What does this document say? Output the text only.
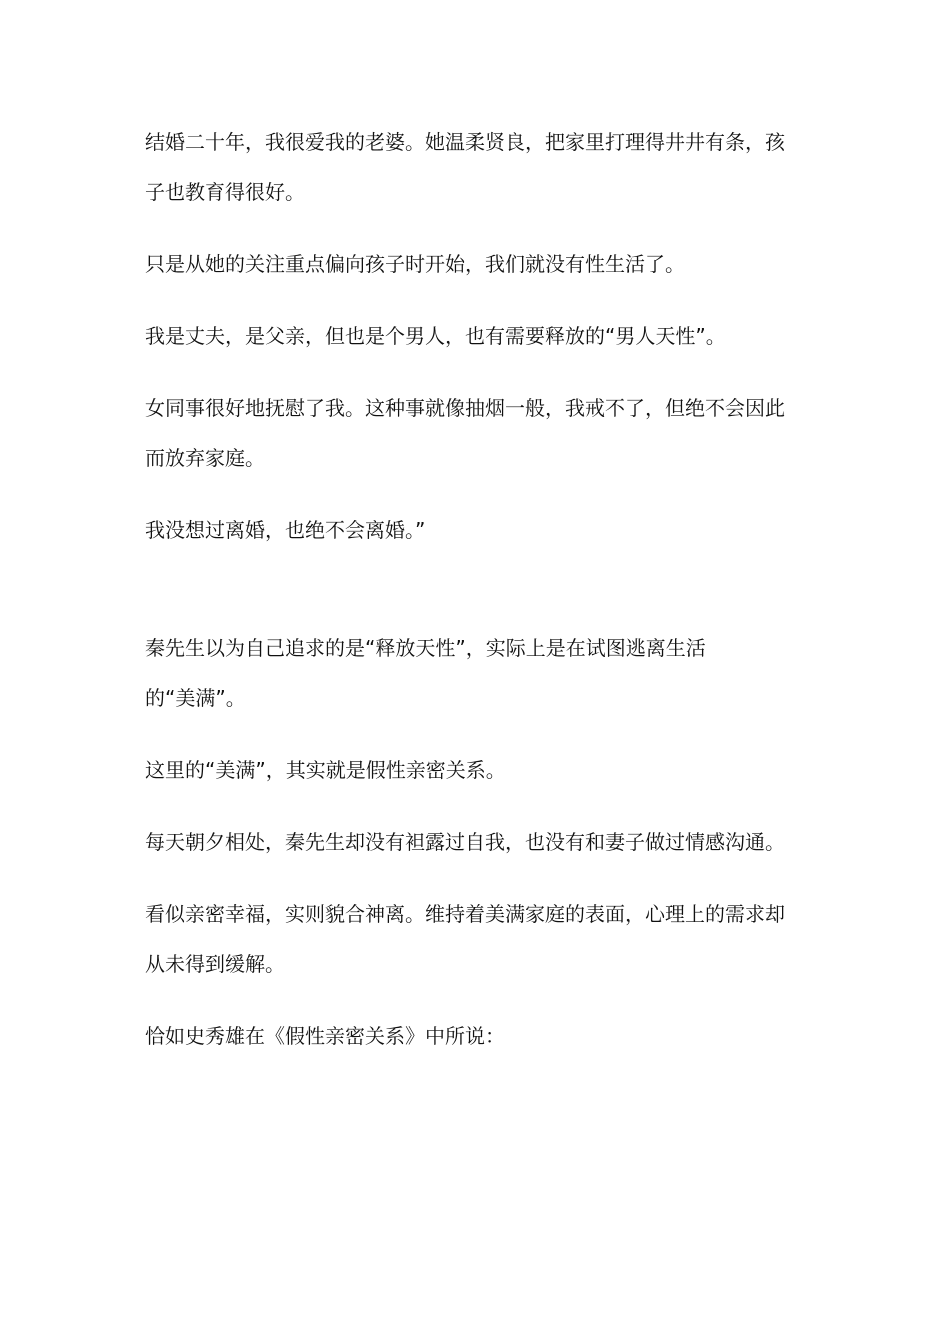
结婚二十年，我很爱我的老婆。她温柔贤良，把家里打理得井井有条，孩

子也教育得很好。

只是从她的关注重点偏向孩子时开始，我们就没有性生活了。

我是丈夫，是父亲，但也是个男人，也有需要释放的“男人天性”。

女同事很好地抚慰了我。这种事就像抽烟一般，我戒不了，但绝不会因此

而放弃家庭。

我没想过离婚，也绝不会离婚。”

秦先生以为自己追求的是“释放天性”，实际上是在试图逃离生活

的“美满”。

这里的“美满”，其实就是假性亲密关系。

每天朝夕相处，秦先生却没有袒露过自我，也没有和妻子做过情感沟通。

看似亲密幸福，实则貌合神离。维持着美满家庭的表面，心理上的需求却

从未得到缓解。

恰如史秀雄在《假性亲密关系》中所说：
